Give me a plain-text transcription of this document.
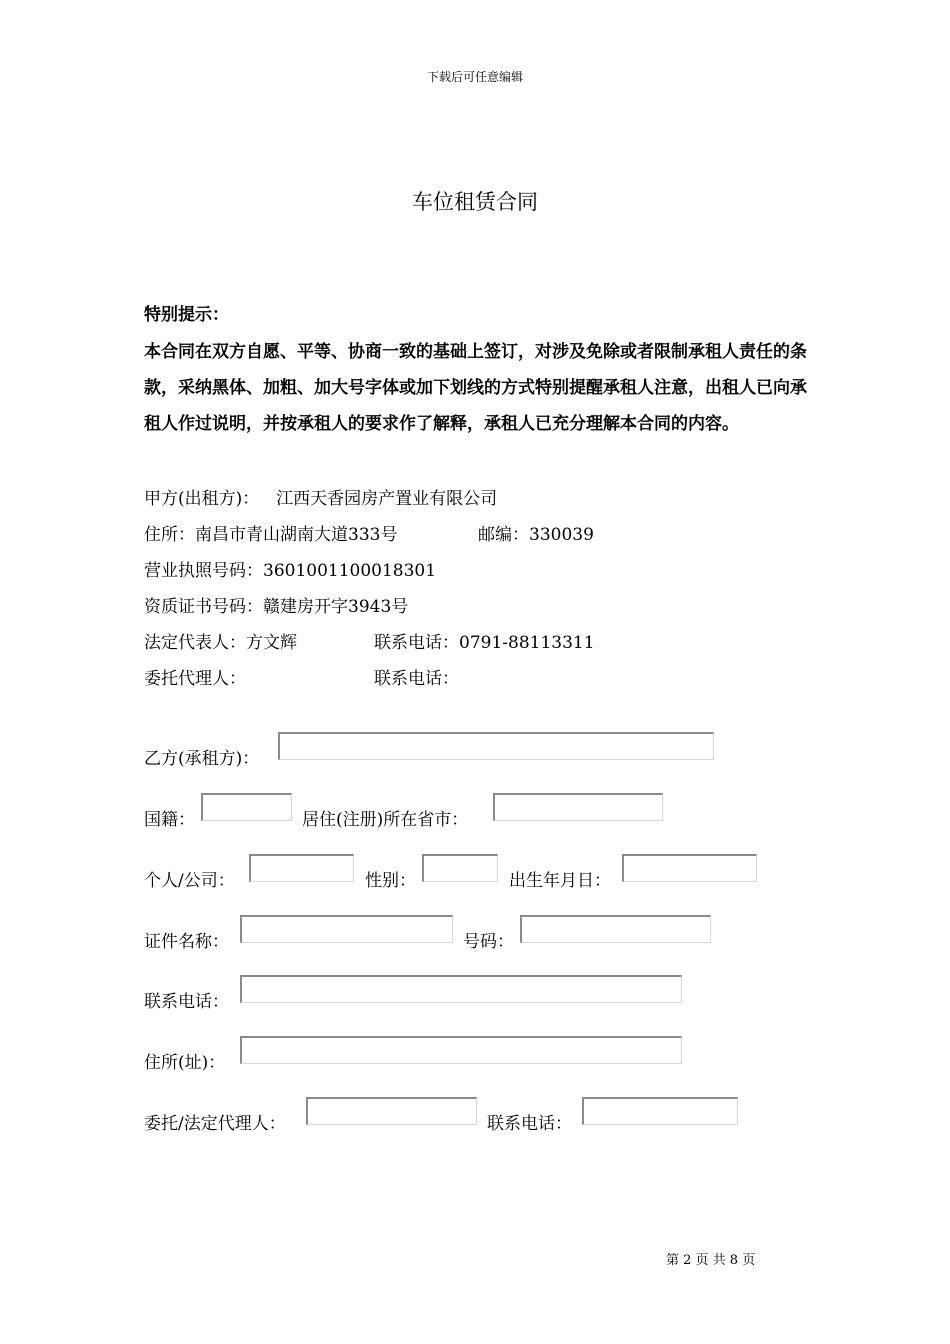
下载后可任意编辑
车位租赁合同
特别提示：
本合同在双方自愿、平等、协商一致的基础上签订，对涉及免除或者限制承租人责任的条款，采纳黑体、加粗、加大号字体或加下划线的方式特别提醒承租人注意，出租人已向承租人作过说明，并按承租人的要求作了解释，承租人已充分理解本合同的内容。
甲方(出租方)： 江西天香园房产置业有限公司
住所：南昌市青山湖南大道333号	邮编：330039
营业执照号码：3601001100018301
资质证书号码：赣建房开字3943号
法定代表人：方文辉	联系电话：0791-88113311
委托代理人：	联系电话：
乙方(承租方)：
国籍：	居住(注册)所在省市：
个人/公司：	性别：	出生年月日：
证件名称：	号码：
联系电话：
住所(址)：
委托/法定代理人：	联系电话：
第 2 页 共 8 页
